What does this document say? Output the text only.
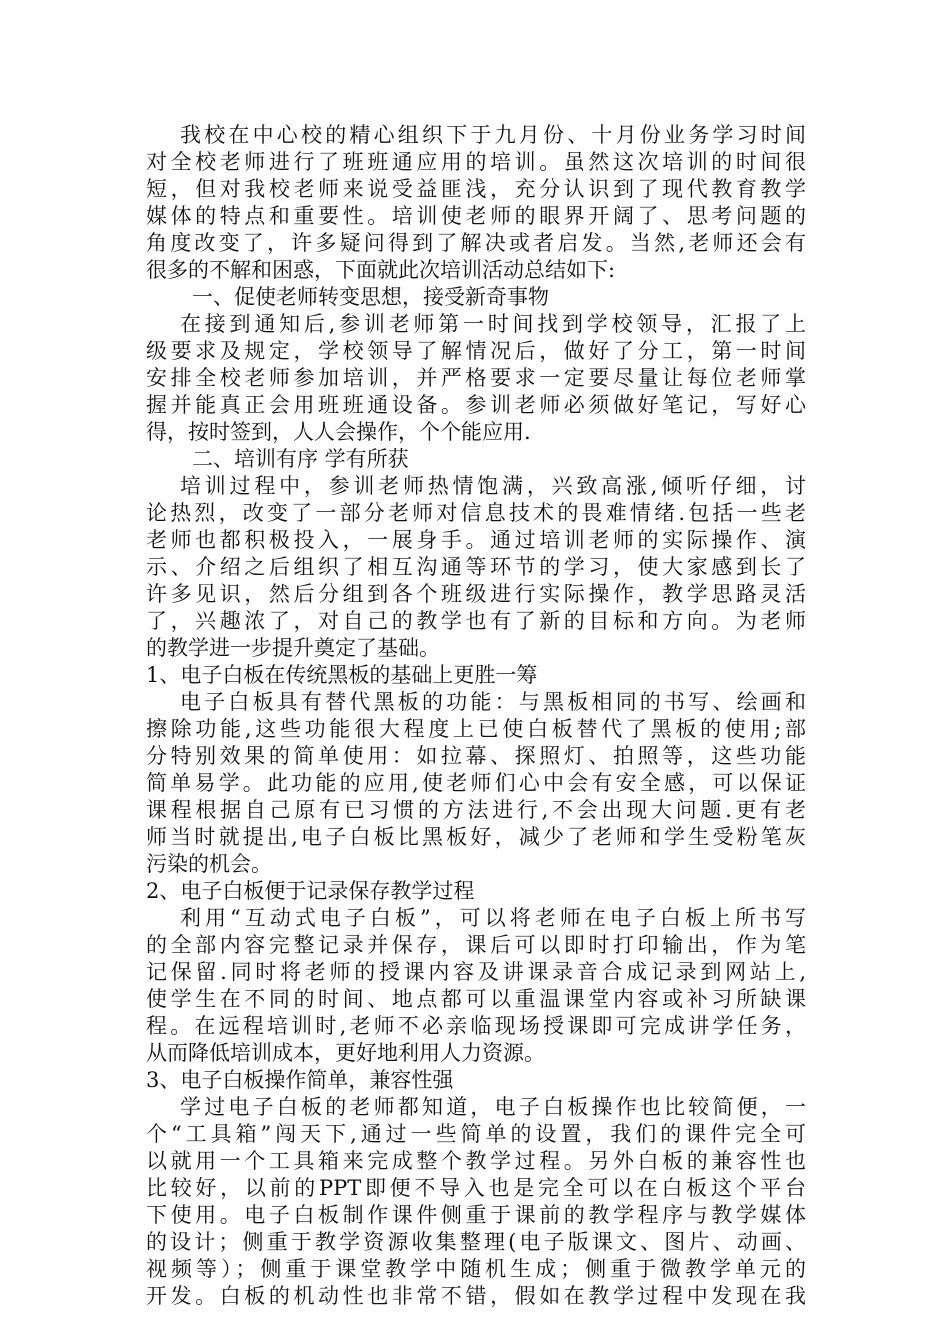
我校在中心校的精心组织下于九月份、十月份业务学习时间
对全校老师进行了班班通应用的培训。虽然这次培训的时间很
短，但对我校老师来说受益匪浅，充分认识到了现代教育教学
媒体的特点和重要性。培训使老师的眼界开阔了、思考问题的
角度改变了，许多疑问得到了解决或者启发。当然,老师还会有
很多的不解和困惑，下面就此次培训活动总结如下:
一、促使老师转变思想，接受新奇事物
在接到通知后,参训老师第一时间找到学校领导，汇报了上
级要求及规定，学校领导了解情况后，做好了分工，第一时间
安排全校老师参加培训，并严格要求一定要尽量让每位老师掌
握并能真正会用班班通设备。参训老师必须做好笔记，写好心
得，按时签到，人人会操作，个个能应用.
二、培训有序 学有所获
培训过程中，参训老师热情饱满，兴致高涨,倾听仔细，讨
论热烈，改变了一部分老师对信息技术的畏难情绪.包括一些老
老师也都积极投入，一展身手。通过培训老师的实际操作、演
示、介绍之后组织了相互沟通等环节的学习，使大家感到长了
许多见识，然后分组到各个班级进行实际操作，教学思路灵活
了，兴趣浓了，对自己的教学也有了新的目标和方向。为老师
的教学进一步提升奠定了基础。
1、电子白板在传统黑板的基础上更胜一筹
电子白板具有替代黑板的功能：与黑板相同的书写、绘画和
擦除功能,这些功能很大程度上已使白板替代了黑板的使用;部
分特别效果的简单使用：如拉幕、探照灯、拍照等，这些功能
简单易学。此功能的应用,使老师们心中会有安全感，可以保证
课程根据自己原有已习惯的方法进行,不会出现大问题.更有老
师当时就提出,电子白板比黑板好，减少了老师和学生受粉笔灰
污染的机会。
2、电子白板便于记录保存教学过程
利用“互动式电子白板”，可以将老师在电子白板上所书写
的全部内容完整记录并保存，课后可以即时打印输出，作为笔
记保留.同时将老师的授课内容及讲课录音合成记录到网站上,
使学生在不同的时间、地点都可以重温课堂内容或补习所缺课
程。在远程培训时,老师不必亲临现场授课即可完成讲学任务，
从而降低培训成本，更好地利用人力资源。
3、电子白板操作简单，兼容性强
学过电子白板的老师都知道，电子白板操作也比较简便，一
个“工具箱”闯天下,通过一些简单的设置，我们的课件完全可
以就用一个工具箱来完成整个教学过程。另外白板的兼容性也
比较好，以前的PPT即便不导入也是完全可以在白板这个平台
下使用。电子白板制作课件侧重于课前的教学程序与教学媒体
的设计；侧重于教学资源收集整理(电子版课文、图片、动画、
视频等）；侧重于课堂教学中随机生成；侧重于微教学单元的
开发。白板的机动性也非常不错，假如在教学过程中发现在我
